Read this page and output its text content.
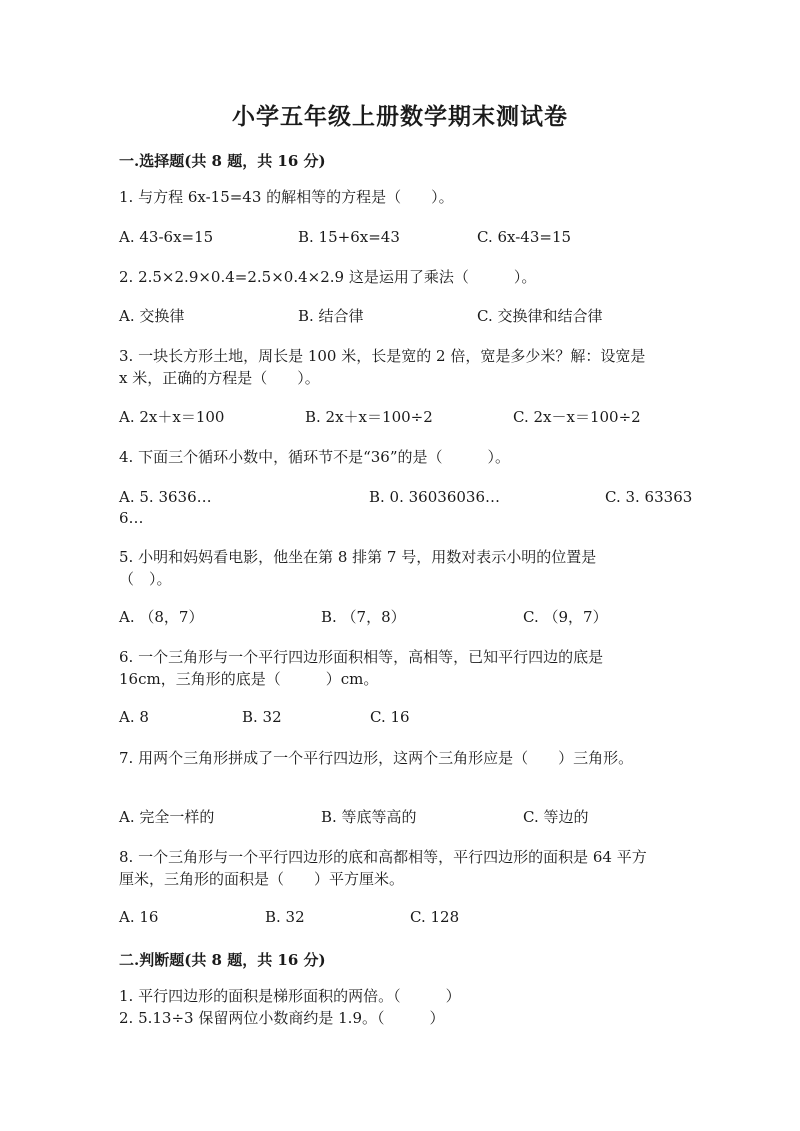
小学五年级上册数学期末测试卷
一.选择题(共 8 题，共 16 分)
1. 与方程 6x-15=43 的解相等的方程是（　　）。
A. 43-6x=15	B. 15+6x=43	C. 6x-43=15
2. 2.5×2.9×0.4=2.5×0.4×2.9 这是运用了乘法（　　　）。
A. 交换律	B. 结合律	C. 交换律和结合律
3. 一块长方形土地，周长是 100 米，长是宽的 2 倍，宽是多少米？解：设宽是
x 米，正确的方程是（　　）。
A. 2x＋x＝100	B. 2x＋x＝100÷2	C. 2x－x＝100÷2
4. 下面三个循环小数中，循环节不是“36”的是（　　　）。
A. 5. 3636…	B. 0. 36036036…	C. 3. 63363
6…
5. 小明和妈妈看电影，他坐在第 8 排第 7 号，用数对表示小明的位置是
（　）。
A. （8，7）	B. （7，8）	C. （9，7）
6. 一个三角形与一个平行四边形面积相等，高相等，已知平行四边的底是
16cm，三角形的底是（　　　）cm。
A. 8	B. 32	C. 16
7. 用两个三角形拼成了一个平行四边形，这两个三角形应是（　　）三角形。
A. 完全一样的	B. 等底等高的	C. 等边的
8. 一个三角形与一个平行四边形的底和高都相等，平行四边形的面积是 64 平方
厘米，三角形的面积是（　　）平方厘米。
A. 16	B. 32	C. 128
二.判断题(共 8 题，共 16 分)
1. 平行四边形的面积是梯形面积的两倍。（　　　）
2. 5.13÷3 保留两位小数商约是 1.9。（　　　）
